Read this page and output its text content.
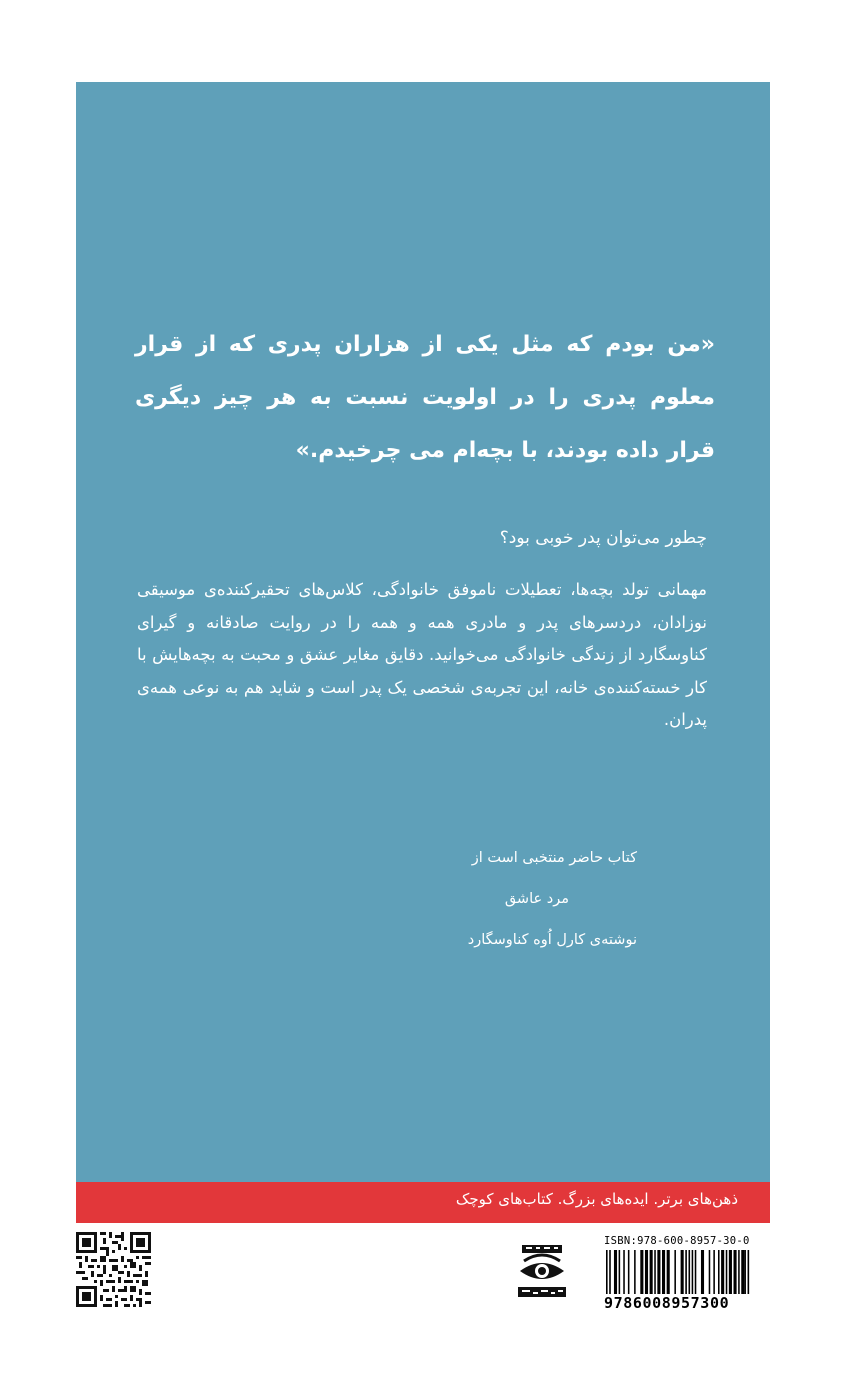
«من بودم كه مثل يكى از هزاران پدرى كه از قرار معلوم پدرى را در اولويت نسبت به هر چيز ديگرى قرار داده بودند، با بچه‌ام مى چرخيدم.»
چطور می‌توان پدر خوبی بود؟
مهمانی تولد بچه‌ها، تعطیلات ناموفق خانوادگی، کلاس‌های تحقیرکننده‌ی موسیقی نوزادان، دردسرهای پدر و مادری همه و همه را در روایت صادقانه و گیرای کناوسگارد از زندگی خانوادگی می‌خوانید. دقایق مغایر عشق و محبت به بچه‌هایش با کار خسته‌کننده‌ی خانه، این تجربه‌ی شخصی یک پدر است و شاید هم به نوعی همه‌ی پدران.
کتاب حاضر منتخبی است از
مرد عاشق
نوشته‌ی کارل اُوه کناوسگارد
ذهن‌های برتر. ایده‌های بزرگ. کتاب‌های کوچک
ISBN:978-600-8957-30-0
9786008957300
